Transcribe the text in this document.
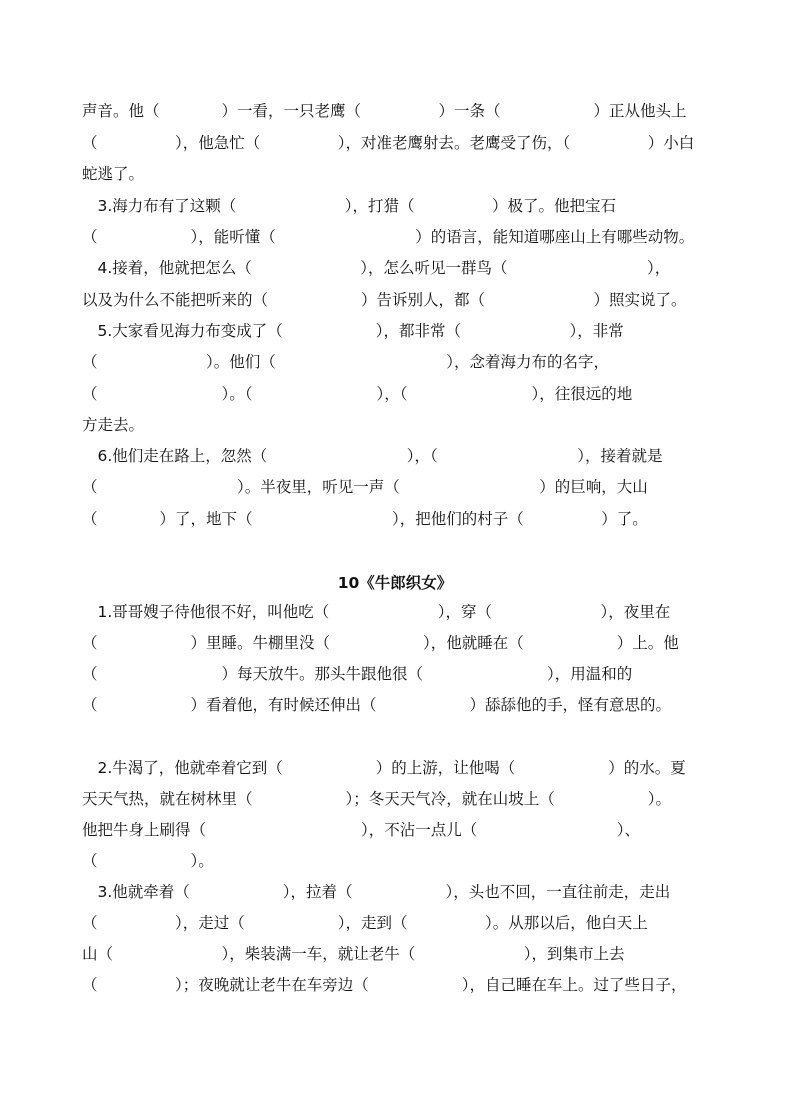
声音。他（　　　　）一看，一只老鹰（　　　　　）一条（　　　　　　）正从他头上
（　　　　　），他急忙（　　　　　），对准老鹰射去。老鹰受了伤，（　　　　　）小白
蛇逃了。
　3.海力布有了这颗（　　　　　　　），打猎（　　　　　）极了。他把宝石
（　　　　　　），能听懂（　　　　　　　　　）的语言，能知道哪座山上有哪些动物。
　4.接着，他就把怎么（　　　　　　　），怎么听见一群鸟（　　　　　　　　　），
以及为什么不能把听来的（　　　　　　）告诉别人，都（　　　　　　　）照实说了。
　5.大家看见海力布变成了（　　　　　　），都非常（　　　　　　　），非常
（　　　　　　　）。他们（　　　　　　　　　　　），念着海力布的名字，
（　　　　　　　　）。（　　　　　　　　），（　　　　　　　　），往很远的地
方走去。
　6.他们走在路上，忽然（　　　　　　　　　），（　　　　　　　　　），接着就是
（　　　　　　　　　）。半夜里，听见一声（　　　　　　　　　）的巨响，大山
（　　　　）了，地下（　　　　　　　　　），把他们的村子（　　　　　）了。
10《牛郎织女》
　1.哥哥嫂子待他很不好，叫他吃（　　　　　　　），穿（　　　　　　　），夜里在
（　　　　　　）里睡。牛棚里没（　　　　　　），他就睡在（　　　　　　）上。他
（　　　　　　　　）每天放牛。那头牛跟他很（　　　　　　　　），用温和的
（　　　　　　）看着他，有时候还伸出（　　　　　　）舔舔他的手，怪有意思的。
　2.牛渴了，他就牵着它到（　　　　　　）的上游，让他喝（　　　　　　）的水。夏
天天气热，就在树林里（　　　　　　）；冬天天气冷，就在山坡上（　　　　　　）。
他把牛身上刷得（　　　　　　　　　　），不沾一点儿（　　　　　　　　　）、
（　　　　　　）。
　3.他就牵着（　　　　　　），拉着（　　　　　　），头也不回，一直往前走，走出
（　　　　　），走过（　　　　　　），走到（　　　　　）。从那以后，他白天上
山（　　　　　　　），柴装满一车，就让老牛（　　　　　　　），到集市上去
（　　　　　）；夜晚就让老牛在车旁边（　　　　　　），自己睡在车上。过了些日子，
